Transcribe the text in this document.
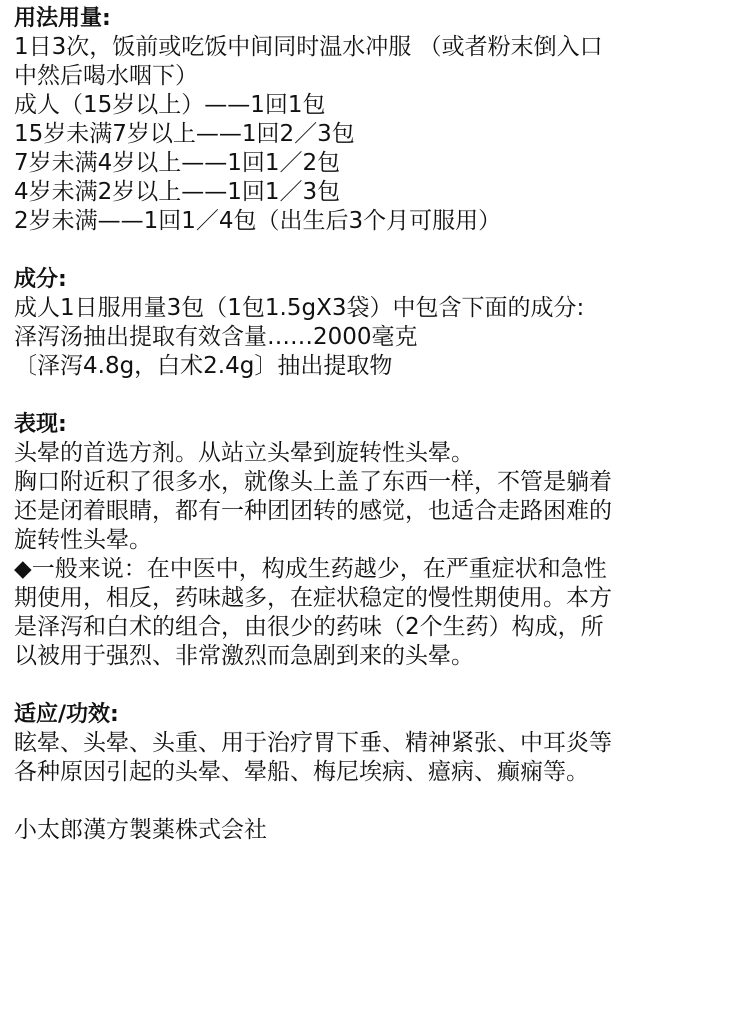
用法用量:
1日3次，饭前或吃饭中间同时温水冲服 （或者粉末倒入口
中然后喝水咽下）
成人（15岁以上）——1回1包
15岁未满7岁以上——1回2／3包
7岁未满4岁以上——1回1／2包
4岁未满2岁以上——1回1／3包
2岁未满——1回1／4包（出生后3个月可服用）
成分:
成人1日服用量3包（1包1.5gX3袋）中包含下面的成分:
泽泻汤抽出提取有效含量……2000毫克
〔泽泻4.8g，白术2.4g〕抽出提取物
表现:
头晕的首选方剂。从站立头晕到旋转性头晕。
胸口附近积了很多水，就像头上盖了东西一样，不管是躺着
还是闭着眼睛，都有一种团团转的感觉，也适合走路困难的
旋转性头晕。
◆一般来说：在中医中，构成生药越少，在严重症状和急性
期使用，相反，药味越多，在症状稳定的慢性期使用。本方
是泽泻和白术的组合，由很少的药味（2个生药）构成，所
以被用于强烈、非常激烈而急剧到来的头晕。
适应/功效:
眩晕、头晕、头重、用于治疗胃下垂、精神紧张、中耳炎等
各种原因引起的头晕、晕船、梅尼埃病、癔病、癫痫等。
小太郎漢方製薬株式会社
